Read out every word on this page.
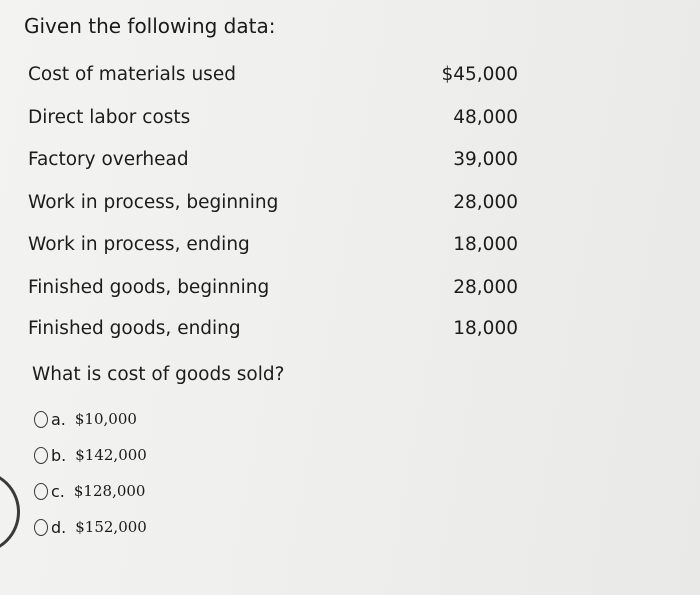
Given the following data:
Cost of materials used	$45,000
Direct labor costs	48,000
Factory overhead	39,000
Work in process, beginning	28,000
Work in process, ending	18,000
Finished goods, beginning	28,000
Finished goods, ending	18,000
What is cost of goods sold?
a. $10,000
b. $142,000
c. $128,000
d. $152,000
